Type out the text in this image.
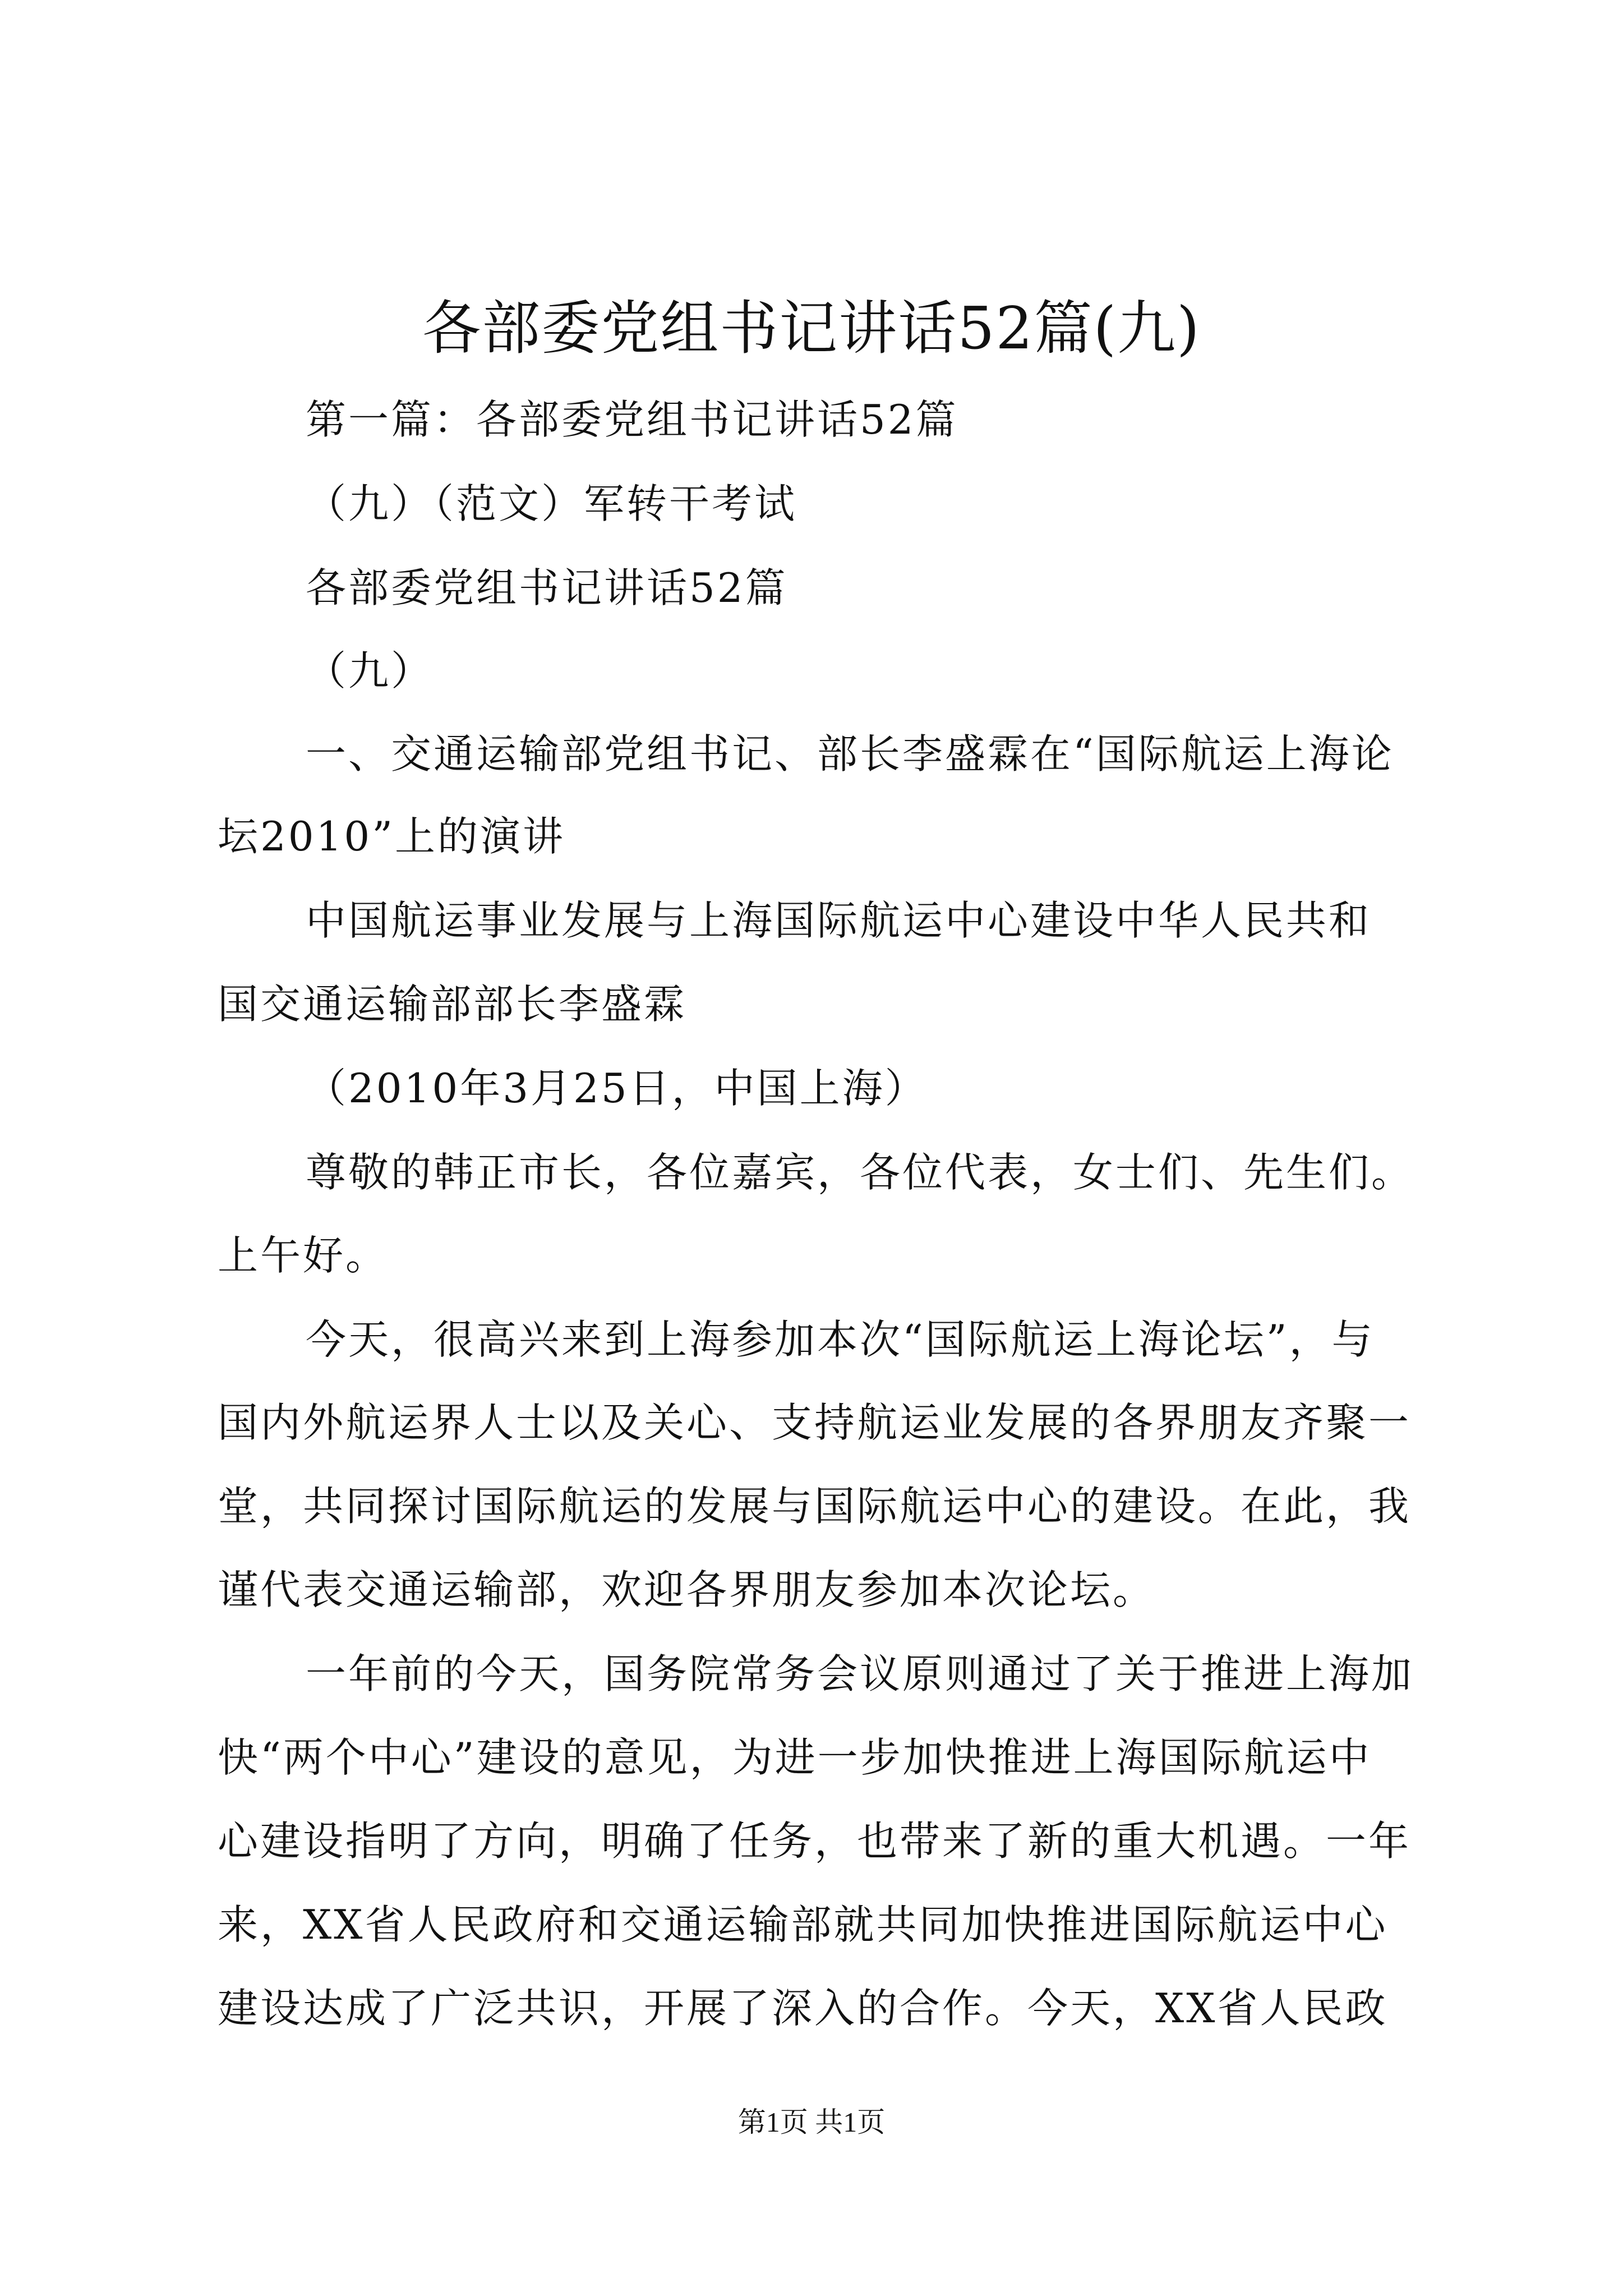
各部委党组书记讲话52篇(九)
第一篇：各部委党组书记讲话52篇
（九）（范文）军转干考试
各部委党组书记讲话52篇
（九）
一、交通运输部党组书记、部长李盛霖在“国际航运上海论
坛2010”上的演讲
中国航运事业发展与上海国际航运中心建设中华人民共和
国交通运输部部长李盛霖
（2010年3月25日，中国上海）
尊敬的韩正市长，各位嘉宾，各位代表，女士们、先生们。
上午好。
今天，很高兴来到上海参加本次“国际航运上海论坛”，与
国内外航运界人士以及关心、支持航运业发展的各界朋友齐聚一
堂，共同探讨国际航运的发展与国际航运中心的建设。在此，我
谨代表交通运输部，欢迎各界朋友参加本次论坛。
一年前的今天，国务院常务会议原则通过了关于推进上海加
快“两个中心”建设的意见，为进一步加快推进上海国际航运中
心建设指明了方向，明确了任务，也带来了新的重大机遇。一年
来，XX省人民政府和交通运输部就共同加快推进国际航运中心
建设达成了广泛共识，开展了深入的合作。今天，XX省人民政
第1页 共1页
